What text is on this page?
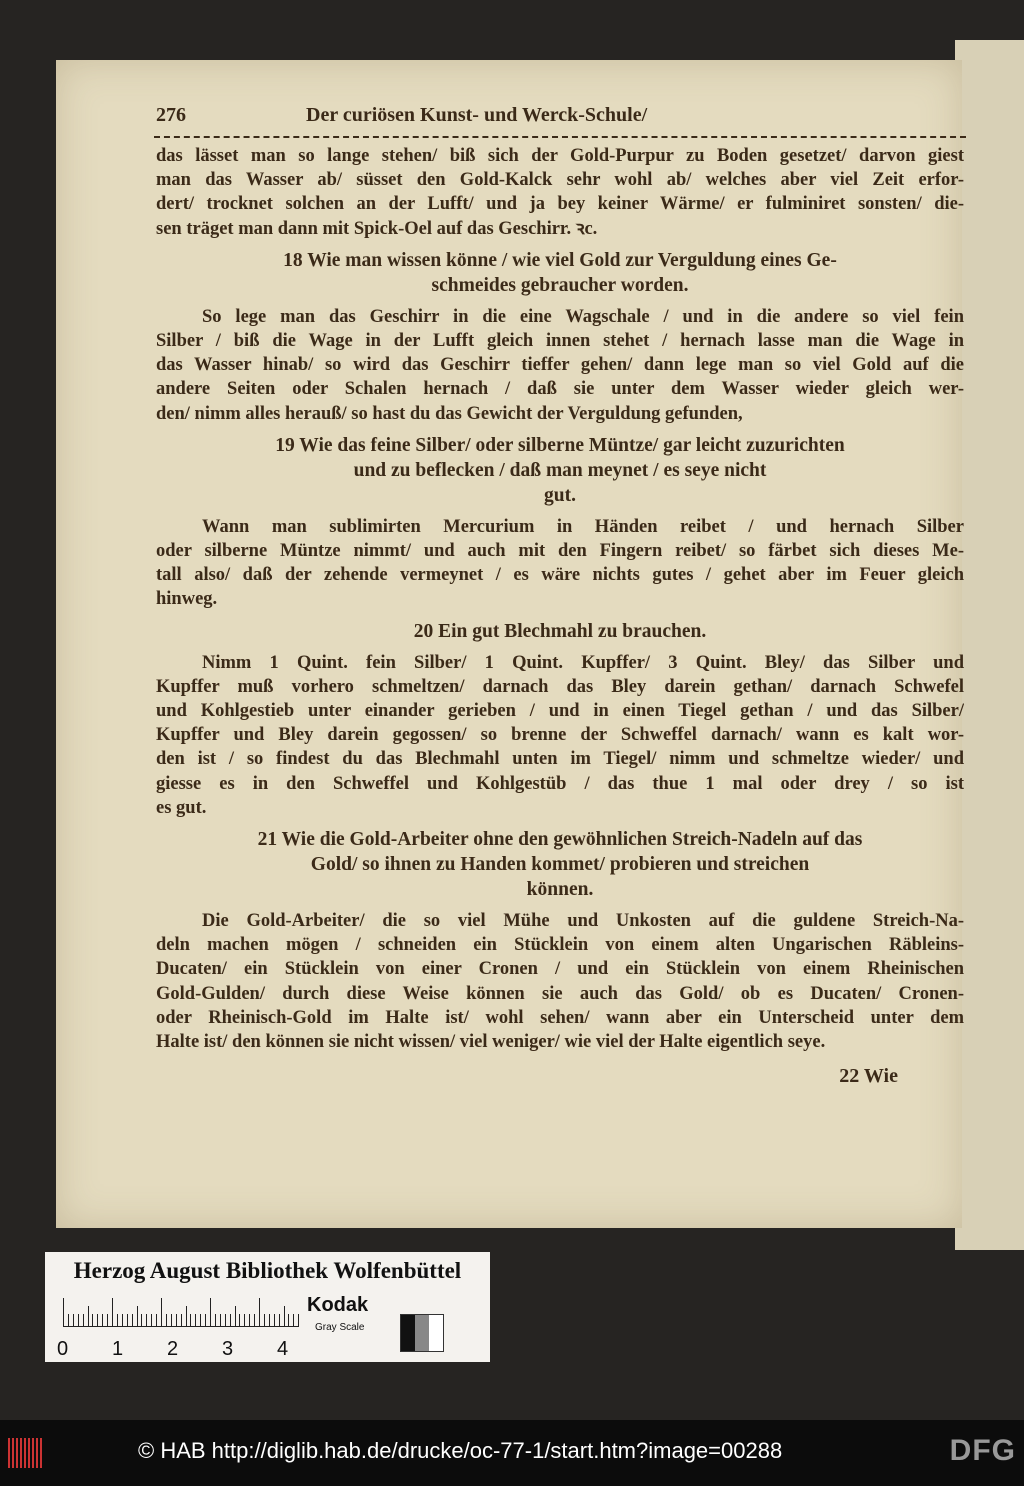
276	Der curiösen Kunst- und Werck-Schule/
das lässet man so lange stehen/ biß sich der Gold-Purpur zu Boden gesetzet/ darvon giest
man das Wasser ab/ süsset den Gold-Kalck sehr wohl ab/ welches aber viel Zeit erfor-
dert/ trocknet solchen an der Lufft/ und ja bey keiner Wärme/ er fulminiret sonsten/ die-
sen träget man dann mit Spick-Oel auf das Geschirr. ꝛc.
18 Wie man wissen könne / wie viel Gold zur Verguldung eines Ge-
schmeides gebraucher worden.
So lege man das Geschirr in die eine Wagschale / und in die andere so viel fein
Silber / biß die Wage in der Lufft gleich innen stehet / hernach lasse man die Wage in
das Wasser hinab/ so wird das Geschirr tieffer gehen/ dann lege man so viel Gold auf die
andere Seiten oder Schalen hernach / daß sie unter dem Wasser wieder gleich wer-
den/ nimm alles herauß/ so hast du das Gewicht der Verguldung gefunden,
19 Wie das feine Silber/ oder silberne Müntze/ gar leicht zuzurichten
und zu beflecken / daß man meynet / es seye nicht
gut.
Wann man sublimirten Mercurium in Händen reibet / und hernach Silber
oder silberne Müntze nimmt/ und auch mit den Fingern reibet/ so färbet sich dieses Me-
tall also/ daß der zehende vermeynet / es wäre nichts gutes / gehet aber im Feuer gleich
hinweg.
20 Ein gut Blechmahl zu brauchen.
Nimm 1 Quint. fein Silber/ 1 Quint. Kupffer/ 3 Quint. Bley/ das Silber und
Kupffer muß vorhero schmeltzen/ darnach das Bley darein gethan/ darnach Schwefel
und Kohlgestieb unter einander gerieben / und in einen Tiegel gethan / und das Silber/
Kupffer und Bley darein gegossen/ so brenne der Schweffel darnach/ wann es kalt wor-
den ist / so findest du das Blechmahl unten im Tiegel/ nimm und schmeltze wieder/ und
giesse es in den Schweffel und Kohlgestüb / das thue 1 mal oder drey / so ist
es gut.
21 Wie die Gold-Arbeiter ohne den gewöhnlichen Streich-Nadeln auf das
Gold/ so ihnen zu Handen kommet/ probieren und streichen
können.
Die Gold-Arbeiter/ die so viel Mühe und Unkosten auf die guldene Streich-Na-
deln machen mögen / schneiden ein Stücklein von einem alten Ungarischen Räbleins-
Ducaten/ ein Stücklein von einer Cronen / und ein Stücklein von einem Rheinischen
Gold-Gulden/ durch diese Weise können sie auch das Gold/ ob es Ducaten/ Cronen-
oder Rheinisch-Gold im Halte ist/ wohl sehen/ wann aber ein Unterscheid unter dem
Halte ist/ den können sie nicht wissen/ viel weniger/ wie viel der Halte eigentlich seye.
22 Wie
Herzog August Bibliothek Wolfenbüttel
0 1 2 3 4
Kodak
Gray Scale
© HAB http://diglib.hab.de/drucke/oc-77-1/start.htm?image=00288	DFG
